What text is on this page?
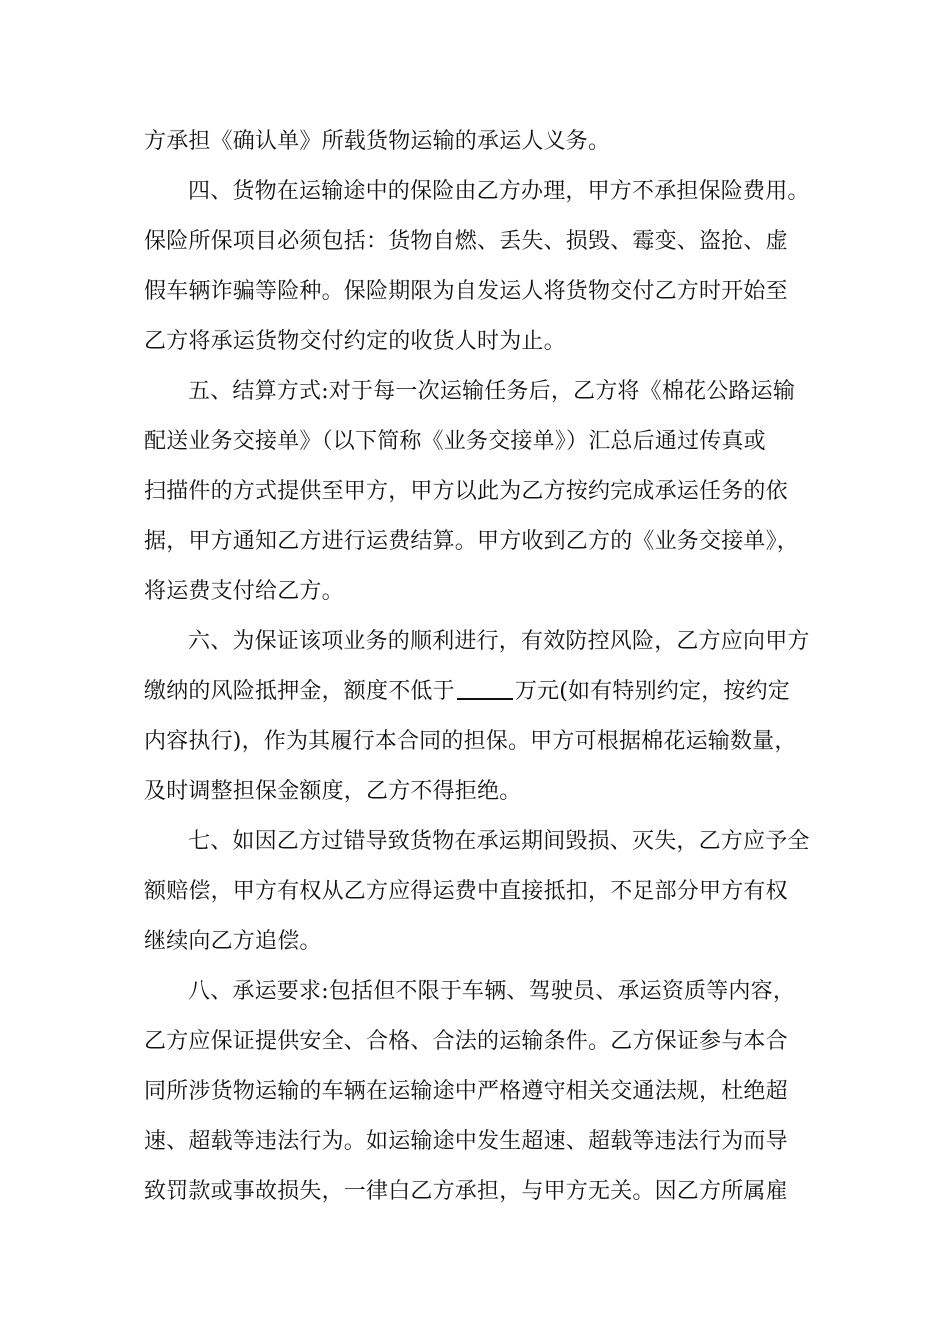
方承担《确认单》所载货物运输的承运人义务。
四、货物在运输途中的保险由乙方办理，甲方不承担保险费用。
保险所保项目必须包括：货物自燃、丢失、损毁、霉变、盗抢、虚
假车辆诈骗等险种。保险期限为自发运人将货物交付乙方时开始至
乙方将承运货物交付约定的收货人时为止。
五、结算方式:对于每一次运输任务后，乙方将《棉花公路运输
配送业务交接单》（以下简称《业务交接单》）汇总后通过传真或
扫描件的方式提供至甲方，甲方以此为乙方按约完成承运任务的依
据，甲方通知乙方进行运费结算。甲方收到乙方的《业务交接单》，
将运费支付给乙方。
六、为保证该项业务的顺利进行，有效防控风险，乙方应向甲方
缴纳的风险抵押金，额度不低于	万元(如有特别约定，按约定
内容执行)，作为其履行本合同的担保。甲方可根据棉花运输数量，
及时调整担保金额度，乙方不得拒绝。
七、如因乙方过错导致货物在承运期间毁损、灭失，乙方应予全
额赔偿，甲方有权从乙方应得运费中直接抵扣，不足部分甲方有权
继续向乙方追偿。
八、承运要求:包括但不限于车辆、驾驶员、承运资质等内容，
乙方应保证提供安全、合格、合法的运输条件。乙方保证参与本合
同所涉货物运输的车辆在运输途中严格遵守相关交通法规，杜绝超
速、超载等违法行为。如运输途中发生超速、超载等违法行为而导
致罚款或事故损失，一律白乙方承担，与甲方无关。因乙方所属雇
